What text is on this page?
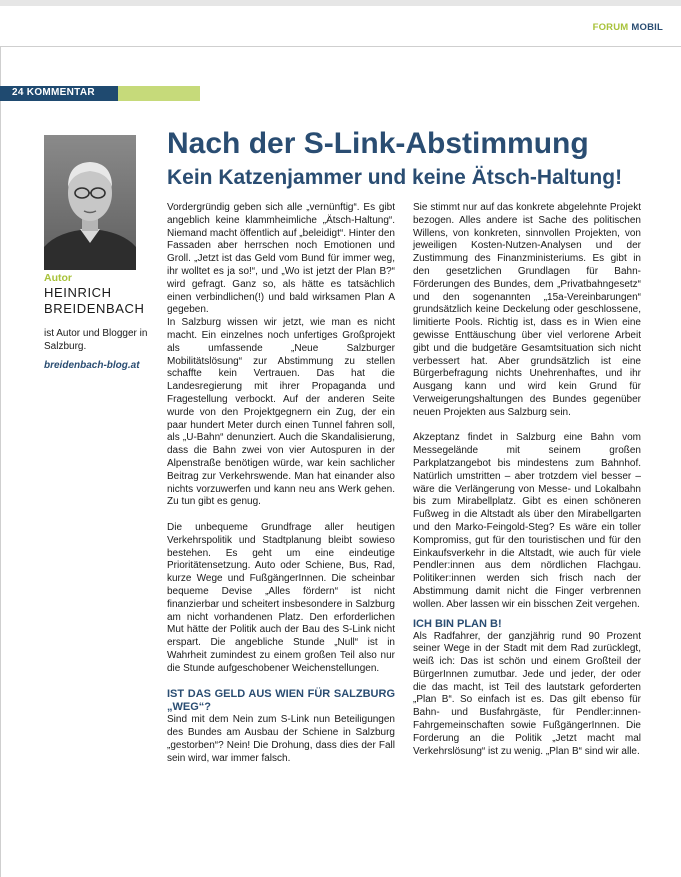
FORUM MOBIL
24 KOMMENTAR
Autor
HEINRICH
BREIDENBACH
ist Autor und Blogger in Salzburg.
breidenbach-blog.at
Nach der S-Link-Abstimmung
Kein Katzenjammer und keine Ätsch-Haltung!

Vordergründig geben sich alle „vernünftig“. Es gibt angeblich keine klammheimliche „Ätsch-Haltung“. Niemand macht öffentlich auf „beleidigt“. Hinter den Fassaden aber herrschen noch Emotionen und Groll. „Jetzt ist das Geld vom Bund für immer weg, ihr wolltet es ja so!“, und „Wo ist jetzt der Plan B?“ wird gefragt. Ganz so, als hätte es tatsächlich einen verbindlichen(!) und bald wirksamen Plan A gegeben.

In Salzburg wissen wir jetzt, wie man es nicht macht. Ein einzelnes noch unfertiges Großprojekt als umfassende „Neue Salzburger Mobilitätslösung“ zur Abstimmung zu stellen schaffte kein Vertrauen. Das hat die Landesregierung mit ihrer Propaganda und Fragestellung verbockt. Auf der anderen Seite wurde von den Projektgegnern ein Zug, der ein paar hundert Meter durch einen Tunnel fahren soll, als „U-Bahn“ denunziert. Auch die Skandalisierung, dass die Bahn zwei von vier Autospuren in der Alpenstraße benötigen würde, war kein sachlicher Beitrag zur Verkehrswende. Man hat einander also nichts vorzuwerfen und kann neu ans Werk gehen. Zu tun gibt es genug.

Die unbequeme Grundfrage aller heutigen Verkehrspolitik und Stadtplanung bleibt sowieso bestehen. Es geht um eine eindeutige Prioritätensetzung. Auto oder Schiene, Bus, Rad, kurze Wege und FußgängerInnen. Die scheinbar bequeme Devise „Alles fördern“ ist nicht finanzierbar und scheitert insbesondere in Salzburg am nicht vorhandenen Platz. Den erforderlichen Mut hätte der Politik auch der Bau des S-Link nicht erspart. Die angebliche Stunde „Null“ ist in Wahrheit zumindest zu einem großen Teil also nur die Stunde aufgeschobener Weichenstellungen.

IST DAS GELD AUS WIEN FÜR SALZBURG „WEG“?

Sind mit dem Nein zum S-Link nun Beteiligungen des Bundes am Ausbau der Schiene in Salzburg „gestorben“? Nein! Die Drohung, dass dies der Fall sein wird, war immer falsch.

Sie stimmt nur auf das konkrete abgelehnte Projekt bezogen. Alles andere ist Sache des politischen Willens, von konkreten, sinnvollen Projekten, von jeweiligen Kosten-Nutzen-Analysen und der Zustimmung des Finanzministeriums. Es gibt in den gesetzlichen Grundlagen für Bahn-Förderungen des Bundes, dem „Privatbahngesetz“ und den sogenannten „15a-Vereinbarungen“ grundsätzlich keine Deckelung oder geschlossene, limitierte Pools. Richtig ist, dass es in Wien eine gewisse Enttäuschung über viel verlorene Arbeit gibt und die budgetäre Gesamtsituation sich nicht verbessert hat. Aber grundsätzlich ist eine Bürgerbefragung nichts Unehrenhaftes, und ihr Ausgang kann und wird kein Grund für Verweigerungshaltungen des Bundes gegenüber neuen Projekten aus Salzburg sein.

Akzeptanz findet in Salzburg eine Bahn vom Messegelände mit seinem großen Parkplatzangebot bis mindestens zum Bahnhof. Natürlich umstritten – aber trotzdem viel besser – wäre die Verlängerung von Messe- und Lokalbahn bis zum Mirabellplatz. Gibt es einen schöneren Fußweg in die Altstadt als über den Mirabellgarten und den Marko-Feingold-Steg? Es wäre ein toller Kompromiss, gut für den touristischen und für den Einkaufsverkehr in die Altstadt, wie auch für viele Pendler:innen aus dem nördlichen Flachgau. Politiker:innen werden sich frisch nach der Abstimmung damit nicht die Finger verbrennen wollen. Aber lassen wir ein bisschen Zeit vergehen.

ICH BIN PLAN B!

Als Radfahrer, der ganzjährig rund 90 Prozent seiner Wege in der Stadt mit dem Rad zurücklegt, weiß ich: Das ist schön und einem Großteil der BürgerInnen zumutbar. Jede und jeder, der oder die das macht, ist Teil des lautstark geforderten „Plan B“. So einfach ist es. Das gilt ebenso für Bahn- und Busfahrgäste, für Pendler:innen-Fahrgemeinschaften sowie FußgängerInnen. Die Forderung an die Politik „Jetzt macht mal Verkehrslösung“ ist zu wenig. „Plan B“ sind wir alle.
